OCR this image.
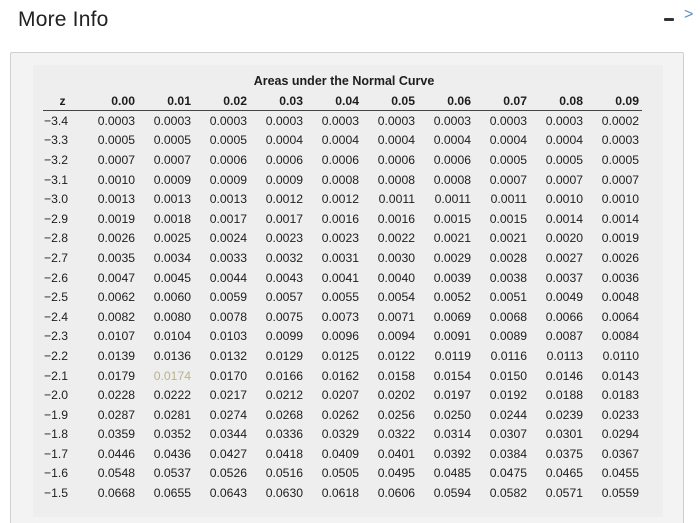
More Info	>
Areas under the Normal Curve
z	0.00	0.01	0.02	0.03	0.04	0.05	0.06	0.07	0.08	0.09
−3.4	0.0003	0.0003	0.0003	0.0003	0.0003	0.0003	0.0003	0.0003	0.0003	0.0002
−3.3	0.0005	0.0005	0.0005	0.0004	0.0004	0.0004	0.0004	0.0004	0.0004	0.0003
−3.2	0.0007	0.0007	0.0006	0.0006	0.0006	0.0006	0.0006	0.0005	0.0005	0.0005
−3.1	0.0010	0.0009	0.0009	0.0009	0.0008	0.0008	0.0008	0.0007	0.0007	0.0007
−3.0	0.0013	0.0013	0.0013	0.0012	0.0012	0.0011	0.0011	0.0011	0.0010	0.0010
−2.9	0.0019	0.0018	0.0017	0.0017	0.0016	0.0016	0.0015	0.0015	0.0014	0.0014
−2.8	0.0026	0.0025	0.0024	0.0023	0.0023	0.0022	0.0021	0.0021	0.0020	0.0019
−2.7	0.0035	0.0034	0.0033	0.0032	0.0031	0.0030	0.0029	0.0028	0.0027	0.0026
−2.6	0.0047	0.0045	0.0044	0.0043	0.0041	0.0040	0.0039	0.0038	0.0037	0.0036
−2.5	0.0062	0.0060	0.0059	0.0057	0.0055	0.0054	0.0052	0.0051	0.0049	0.0048
−2.4	0.0082	0.0080	0.0078	0.0075	0.0073	0.0071	0.0069	0.0068	0.0066	0.0064
−2.3	0.0107	0.0104	0.0103	0.0099	0.0096	0.0094	0.0091	0.0089	0.0087	0.0084
−2.2	0.0139	0.0136	0.0132	0.0129	0.0125	0.0122	0.0119	0.0116	0.0113	0.0110
−2.1	0.0179	0.0174	0.0170	0.0166	0.0162	0.0158	0.0154	0.0150	0.0146	0.0143
−2.0	0.0228	0.0222	0.0217	0.0212	0.0207	0.0202	0.0197	0.0192	0.0188	0.0183
−1.9	0.0287	0.0281	0.0274	0.0268	0.0262	0.0256	0.0250	0.0244	0.0239	0.0233
−1.8	0.0359	0.0352	0.0344	0.0336	0.0329	0.0322	0.0314	0.0307	0.0301	0.0294
−1.7	0.0446	0.0436	0.0427	0.0418	0.0409	0.0401	0.0392	0.0384	0.0375	0.0367
−1.6	0.0548	0.0537	0.0526	0.0516	0.0505	0.0495	0.0485	0.0475	0.0465	0.0455
−1.5	0.0668	0.0655	0.0643	0.0630	0.0618	0.0606	0.0594	0.0582	0.0571	0.0559
